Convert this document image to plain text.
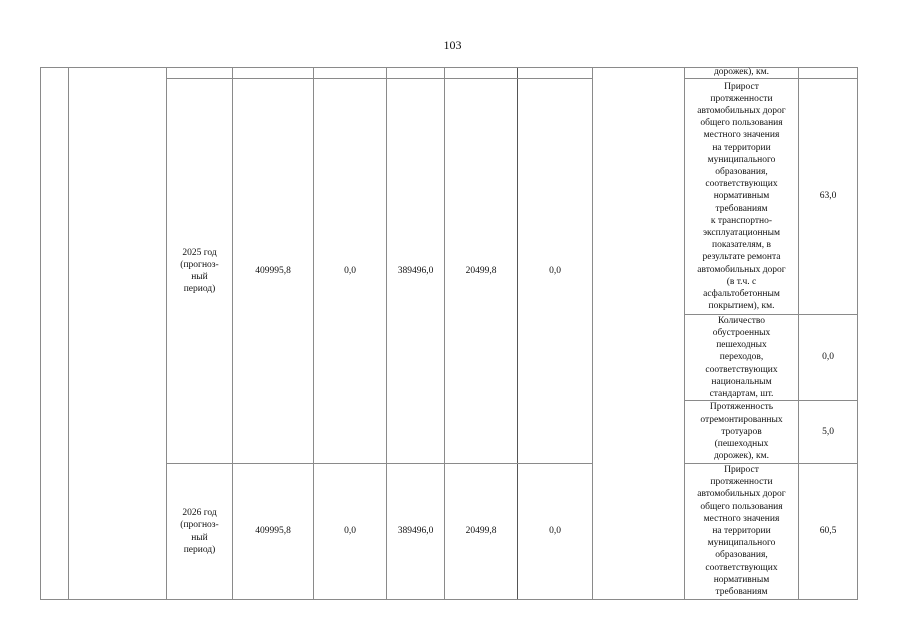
103
дорожек), км.
2025 год
(прогноз-
ный
период)
409995,8	0,0	389496,0	20499,8	0,0
Прирост
протяженности
автомобильных дорог
общего пользования
местного значения
на территории
муниципального
образования,
соответствующих
нормативным
требованиям
к транспортно-
эксплуатационным
показателям, в
результате ремонта
автомобильных дорог
(в т.ч. с
асфальтобетонным
покрытием), км.
63,0
Количество
обустроенных
пешеходных
переходов,
соответствующих
национальным
стандартам, шт.
0,0
Протяженность
отремонтированных
тротуаров
(пешеходных
дорожек), км.
5,0
2026 год
(прогноз-
ный
период)
409995,8	0,0	389496,0	20499,8	0,0
Прирост
протяженности
автомобильных дорог
общего пользования
местного значения
на территории
муниципального
образования,
соответствующих
нормативным
требованиям
60,5
